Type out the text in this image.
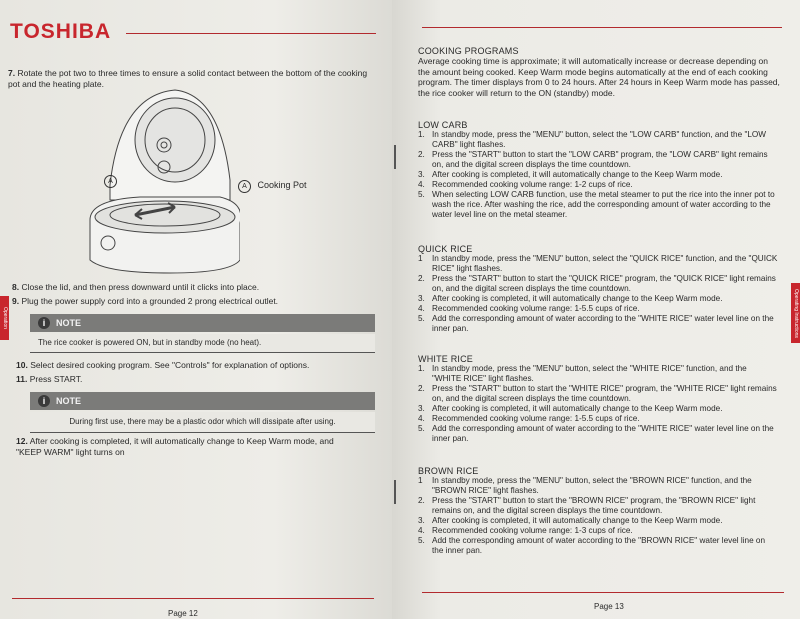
TOSHIBA
7. Rotate the pot two to three times to ensure a solid contact between the bottom of the cooking pot and the heating plate.
A
A Cooking Pot
8. Close the lid, and then press downward until it clicks into place.
9. Plug the power supply cord into a grounded 2 prong electrical outlet.
i	NOTE
The rice cooker is powered ON, but in standby mode (no heat).
10. Select desired cooking program. See "Controls" for explanation of options.
11. Press START.
i	NOTE
During first use, there may be a plastic odor which will dissipate after using.
12. After cooking is completed, it will automatically change to Keep Warm mode, and "KEEP WARM" light turns on
Operation
Page 12
Operating Instructions
Page 13
COOKING PROGRAMS
Average cooking time is approximate; it will automatically increase or decrease depending on the amount being cooked. Keep Warm mode begins automatically at the end of each cooking program. The timer displays from 0 to 24 hours. After 24 hours in Keep Warm mode has passed, the rice cooker will return to the ON (standby) mode.
LOW CARB
1. In standby mode, press the "MENU" button, select the "LOW CARB" function, and the "LOW CARB" light flashes.
2. Press the "START" button to start the "LOW CARB" program, the "LOW CARB" light remains on, and the digital screen displays the time countdown.
3. After cooking is completed, it will automatically change to the Keep Warm mode.
4. Recommended cooking volume range: 1-2 cups of rice.
5. When selecting LOW CARB function, use the metal steamer to put the rice into the inner pot to wash the rice. After washing the rice, add the corresponding amount of water according to the water level line on the metal steamer.
QUICK RICE
1 In standby mode, press the "MENU" button, select the "QUICK RICE" function, and the "QUICK RICE" light flashes.
2. Press the "START" button to start the "QUICK RICE" program, the "QUICK RICE" light remains on, and the digital screen displays the time countdown.
3. After cooking is completed, it will automatically change to the Keep Warm mode.
4. Recommended cooking volume range: 1-5.5 cups of rice.
5. Add the corresponding amount of water according to the "WHITE RICE" water level line on the inner pan.
WHITE RICE
1. In standby mode, press the "MENU" button, select the "WHITE RICE" function, and the "WHITE RICE" light flashes.
2. Press the "START" button to start the "WHITE RICE" program, the "WHITE RICE" light remains on, and the digital screen displays the time countdown.
3. After cooking is completed, it will automatically change to the Keep Warm mode.
4. Recommended cooking volume range: 1-5.5 cups of rice.
5. Add the corresponding amount of water according to the "WHITE RICE" water level line on the inner pan.
BROWN RICE
1 In standby mode, press the "MENU" button, select the "BROWN RICE" function, and the "BROWN RICE" light flashes.
2. Press the "START" button to start the "BROWN RICE" program, the "BROWN RICE" light remains on, and the digital screen displays the time countdown.
3. After cooking is completed, it will automatically change to the Keep Warm mode.
4. Recommended cooking volume range: 1-3 cups of rice.
5. Add the corresponding amount of water according to the "BROWN RICE" water level line on the inner pan.
